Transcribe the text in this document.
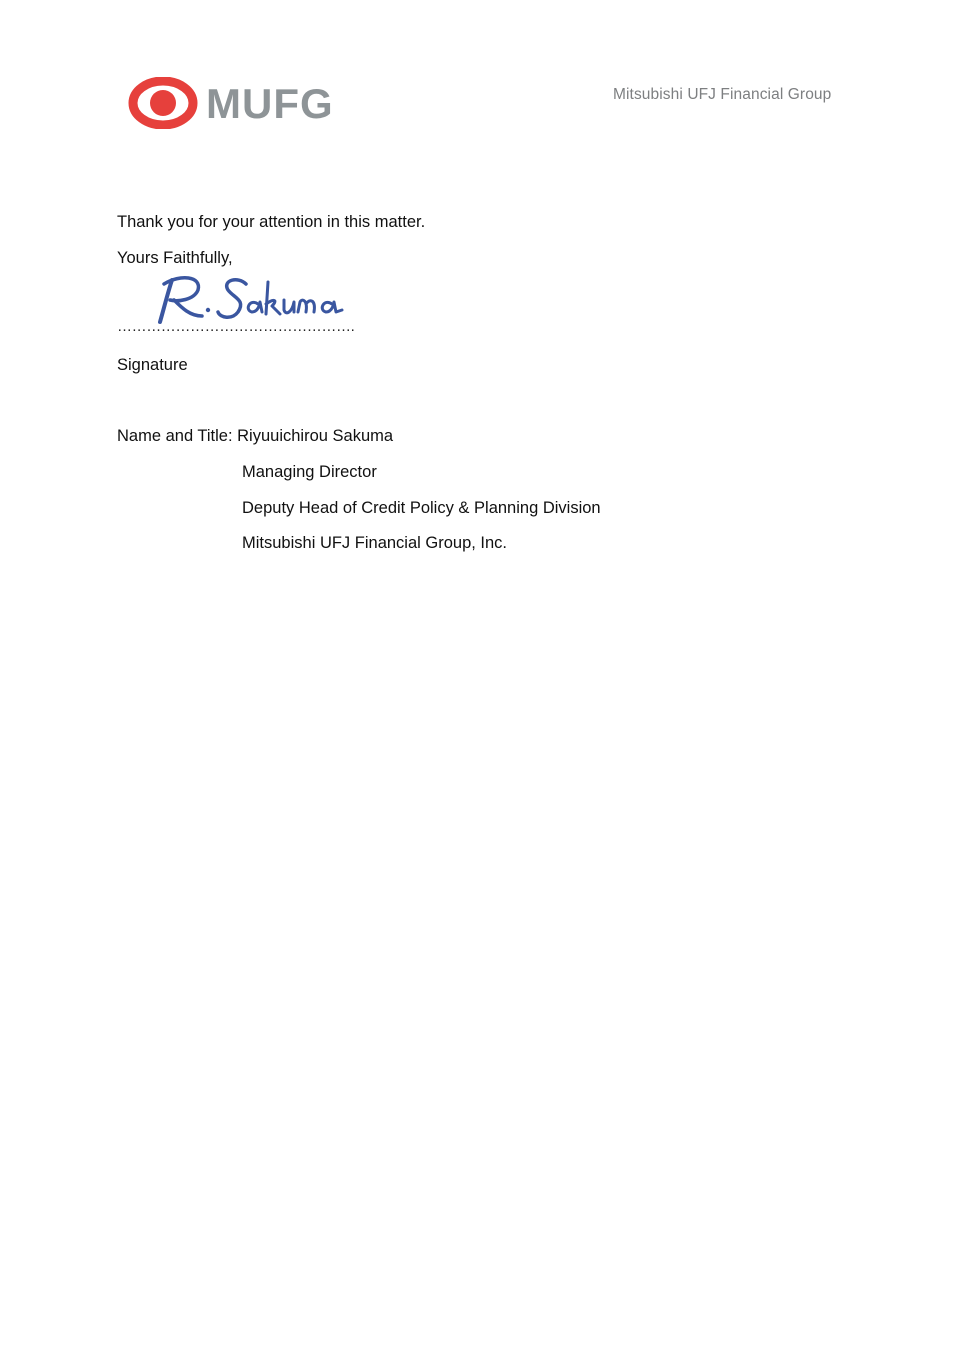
MUFG	Mitsubishi UFJ Financial Group
Thank you for your attention in this matter.
Yours Faithfully,
………………………………………….
Signature
Name and Title: Riyuuichirou Sakuma
Managing Director
Deputy Head of Credit Policy & Planning Division
Mitsubishi UFJ Financial Group, Inc.
